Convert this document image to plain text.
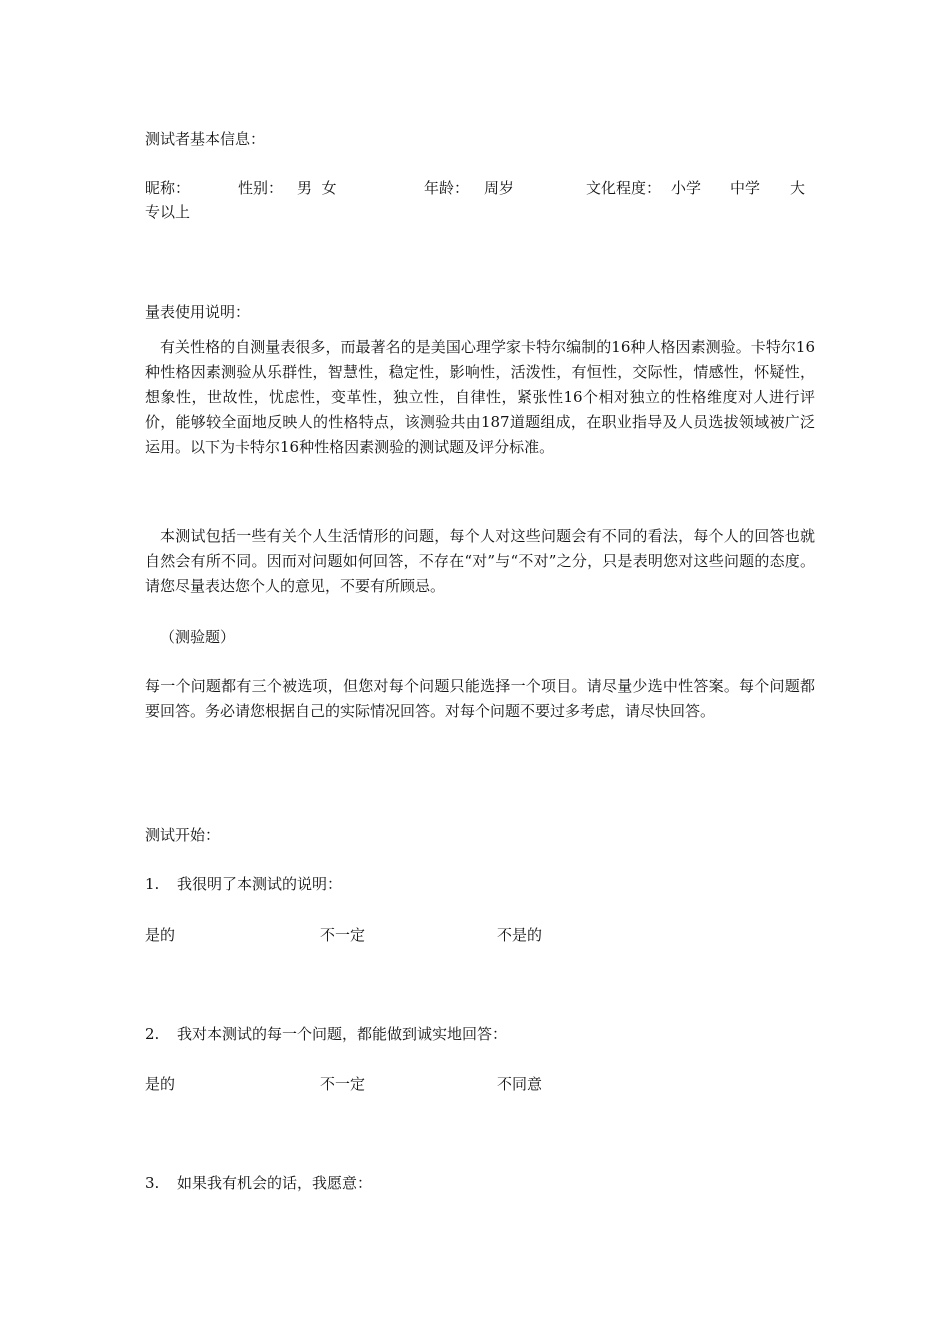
测试者基本信息：
昵称：	性别： 男  女	年龄： 周岁	文化程度： 小学 中学 大
专以上
量表使用说明：

有关性格的自测量表很多，而最著名的是美国心理学家卡特尔编制的16种人格因素测验。卡特尔16种性格因素测验从乐群性，智慧性，稳定性，影响性，活泼性，有恒性，交际性，情感性，怀疑性，想象性，世故性，忧虑性，变革性，独立性，自律性，紧张性16个相对独立的性格维度对人进行评价，能够较全面地反映人的性格特点，该测验共由187道题组成，在职业指导及人员选拔领域被广泛运用。以下为卡特尔16种性格因素测验的测试题及评分标准。

本测试包括一些有关个人生活情形的问题，每个人对这些问题会有不同的看法，每个人的回答也就自然会有所不同。因而对问题如何回答，不存在“对”与“不对”之分，只是表明您对这些问题的态度。请您尽量表达您个人的意见，不要有所顾忌。

（测验题）

每一个问题都有三个被选项，但您对每个问题只能选择一个项目。请尽量少选中性答案。每个问题都要回答。务必请您根据自己的实际情况回答。对每个问题不要过多考虑，请尽快回答。

测试开始：
1. 我很明了本测试的说明：
是的	不一定	不是的
2. 我对本测试的每一个问题，都能做到诚实地回答：
是的	不一定	不同意
3. 如果我有机会的话，我愿意：
